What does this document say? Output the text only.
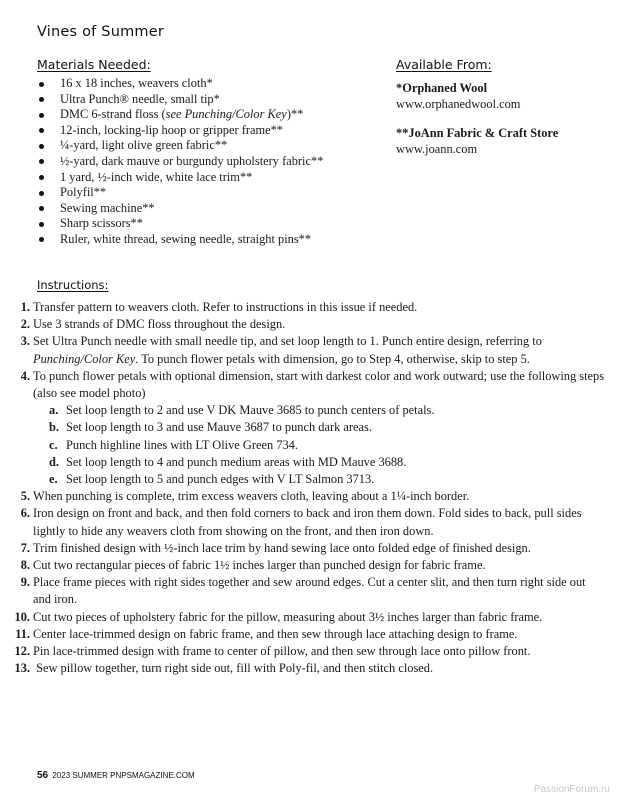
Vines of Summer
Materials Needed:
16 x 18 inches, weavers cloth*
Ultra Punch® needle, small tip*
DMC 6-strand floss (see Punching/Color Key)**
12-inch, locking-lip hoop or gripper frame**
¼-yard, light olive green fabric**
½-yard, dark mauve or burgundy upholstery fabric**
1 yard, ½-inch wide, white lace trim**
Polyfil**
Sewing machine**
Sharp scissors**
Ruler, white thread, sewing needle, straight pins**
Available From:
*Orphaned Wool
www.orphanedwool.com
**JoAnn Fabric & Craft Store
www.joann.com
Instructions:
1. Transfer pattern to weavers cloth. Refer to instructions in this issue if needed.
2. Use 3 strands of DMC floss throughout the design.
3. Set Ultra Punch needle with small needle tip, and set loop length to 1. Punch entire design, referring to Punching/Color Key. To punch flower petals with dimension, go to Step 4, otherwise, skip to step 5.
4. To punch flower petals with optional dimension, start with darkest color and work outward; use the following steps (also see model photo)
a. Set loop length to 2 and use V DK Mauve 3685 to punch centers of petals.
b. Set loop length to 3 and use Mauve 3687 to punch dark areas.
c. Punch highline lines with LT Olive Green 734.
d. Set loop length to 4 and punch medium areas with MD Mauve 3688.
e. Set loop length to 5 and punch edges with V LT Salmon 3713.
5. When punching is complete, trim excess weavers cloth, leaving about a 1¼-inch border.
6. Iron design on front and back, and then fold corners to back and iron them down. Fold sides to back, pull sides lightly to hide any weavers cloth from showing on the front, and then iron down.
7. Trim finished design with ½-inch lace trim by hand sewing lace onto folded edge of finished design.
8. Cut two rectangular pieces of fabric 1½ inches larger than punched design for fabric frame.
9. Place frame pieces with right sides together and sew around edges. Cut a center slit, and then turn right side out and iron.
10. Cut two pieces of upholstery fabric for the pillow, measuring about 3½ inches larger than fabric frame.
11. Center lace-trimmed design on fabric frame, and then sew through lace attaching design to frame.
12. Pin lace-trimmed design with frame to center of pillow, and then sew through lace onto pillow front.
13. Sew pillow together, turn right side out, fill with Poly-fil, and then stitch closed.
56 2023 SUMMER PNPSMAGAZINE.COM
PassionForum.ru
